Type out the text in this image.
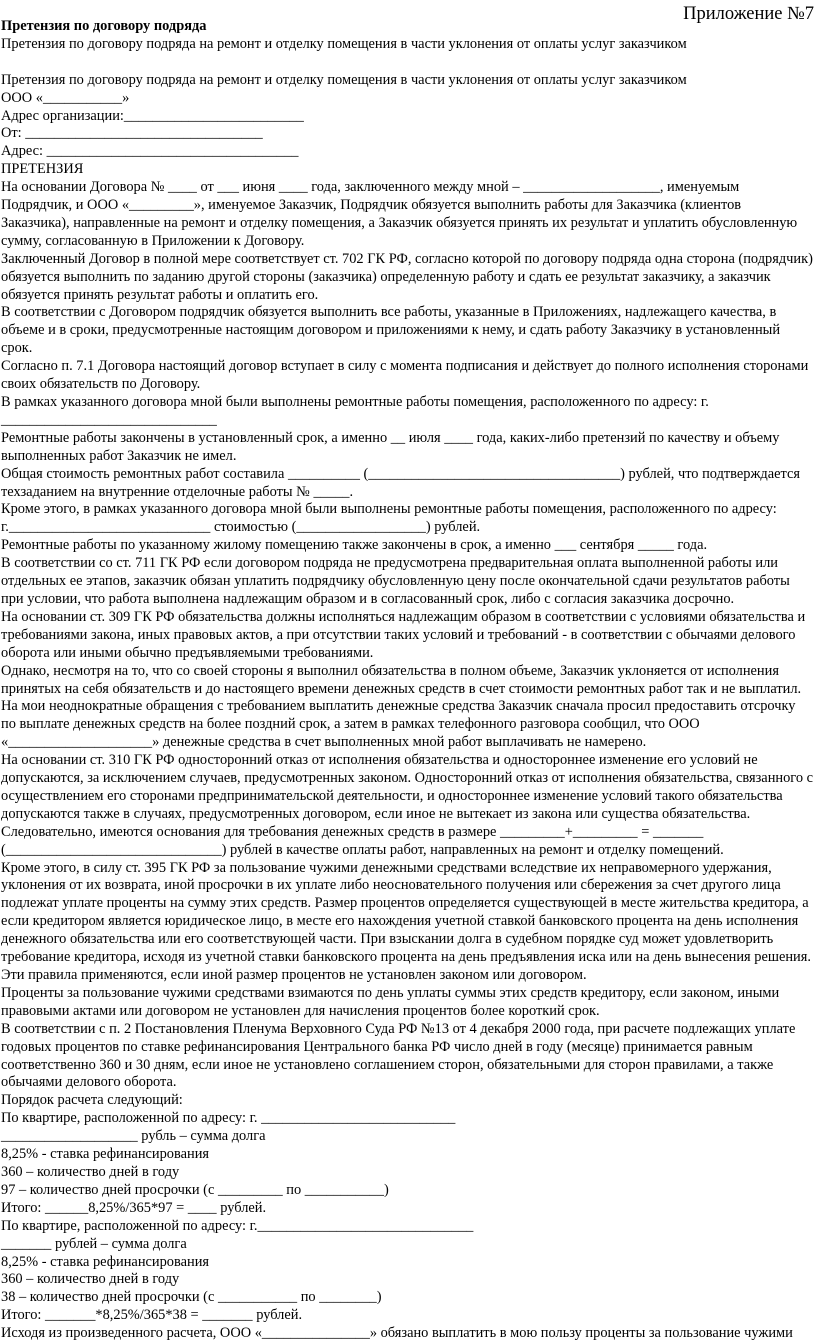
Приложение №7

Претензия по договору подряда

Претензия по договору подряда на ремонт и отделку помещения в части уклонения от оплаты услуг заказчиком

Претензия по договору подряда на ремонт и отделку помещения в части уклонения от оплаты услуг заказчиком

ООО «___________»

Адрес организации:_________________________

От: _________________________________

Адрес: ___________________________________

ПРЕТЕНЗИЯ

На основании Договора № ____ от ___ июня ____ года, заключенного между мной – ___________________, именуемым Подрядчик, и ООО «_________», именуемое Заказчик, Подрядчик обязуется выполнить работы для Заказчика (клиентов Заказчика), направленные на ремонт и отделку помещения, а Заказчик обязуется принять их результат и уплатить обусловленную сумму, согласованную в Приложении к Договору.

Заключенный Договор в полной мере соответствует ст. 702 ГК РФ, согласно которой по договору подряда одна сторона (подрядчик) обязуется выполнить по заданию другой стороны (заказчика) определенную работу и сдать ее результат заказчику, а заказчик обязуется принять результат работы и оплатить его.

В соответствии с Договором подрядчик обязуется выполнить все работы, указанные в Приложениях, надлежащего качества, в объеме и в сроки, предусмотренные настоящим договором и приложениями к нему, и сдать работу Заказчику в установленный срок.

Согласно п. 7.1 Договора настоящий договор вступает в силу с момента подписания и действует до полного исполнения сторонами своих обязательств по Договору.

В рамках указанного договора мной были выполнены ремонтные работы помещения, расположенного по адресу: г. ______________________________

Ремонтные работы закончены в установленный срок, а именно __ июля ____ года, каких-либо претензий по качеству и объему выполненных работ Заказчик не имел.

Общая стоимость ремонтных работ составила __________ (___________________________________) рублей, что подтверждается техзаданием на внутренние отделочные работы № _____.

Кроме этого, в рамках указанного договора мной были выполнены ремонтные работы помещения, расположенного по адресу: г.____________________________ стоимостью (__________________) рублей.

Ремонтные работы по указанному жилому помещению также закончены в срок, а именно ___ сентября _____ года.

В соответствии со ст. 711 ГК РФ если договором подряда не предусмотрена предварительная оплата выполненной работы или отдельных ее этапов, заказчик обязан уплатить подрядчику обусловленную цену после окончательной сдачи результатов работы при условии, что работа выполнена надлежащим образом и в согласованный срок, либо с согласия заказчика досрочно.

На основании ст. 309 ГК РФ обязательства должны исполняться надлежащим образом в соответствии с условиями обязательства и требованиями закона, иных правовых актов, а при отсутствии таких условий и требований - в соответствии с обычаями делового оборота или иными обычно предъявляемыми требованиями.

Однако, несмотря на то, что со своей стороны я выполнил обязательства в полном объеме, Заказчик уклоняется от исполнения принятых на себя обязательств и до настоящего времени денежных средств в счет стоимости ремонтных работ так и не выплатил.

На мои неоднократные обращения с требованием выплатить денежные средства Заказчик сначала просил предоставить отсрочку по выплате денежных средств на более поздний срок, а затем в рамках телефонного разговора сообщил, что ООО «____________________» денежные средства в счет выполненных мной работ выплачивать не намерено.

На основании ст. 310 ГК РФ односторонний отказ от исполнения обязательства и одностороннее изменение его условий не допускаются, за исключением случаев, предусмотренных законом. Односторонний отказ от исполнения обязательства, связанного с осуществлением его сторонами предпринимательской деятельности, и одностороннее изменение условий такого обязательства допускаются также в случаях, предусмотренных договором, если иное не вытекает из закона или существа обязательства.

Следовательно, имеются основания для требования денежных средств в размере _________+_________ = _______ (______________________________) рублей в качестве оплаты работ, направленных на ремонт и отделку помещений.

Кроме этого, в силу ст. 395 ГК РФ за пользование чужими денежными средствами вследствие их неправомерного удержания, уклонения от их возврата, иной просрочки в их уплате либо неосновательного получения или сбережения за счет другого лица подлежат уплате проценты на сумму этих средств. Размер процентов определяется существующей в месте жительства кредитора, а если кредитором является юридическое лицо, в месте его нахождения учетной ставкой банковского процента на день исполнения денежного обязательства или его соответствующей части. При взыскании долга в судебном порядке суд может удовлетворить требование кредитора, исходя из учетной ставки банковского процента на день предъявления иска или на день вынесения решения. Эти правила применяются, если иной размер процентов не установлен законом или договором.

Проценты за пользование чужими средствами взимаются по день уплаты суммы этих средств кредитору, если законом, иными правовыми актами или договором не установлен для начисления процентов более короткий срок.

В соответствии с п. 2 Постановления Пленума Верховного Суда РФ №13 от 4 декабря 2000 года, при расчете подлежащих уплате годовых процентов по ставке рефинансирования Центрального банка РФ число дней в году (месяце) принимается равным соответственно 360 и 30 дням, если иное не установлено соглашением сторон, обязательными для сторон правилами, а также обычаями делового оборота.

Порядок расчета следующий:

По квартире, расположенной по адресу: г. ___________________________

___________________ рубль – сумма долга

8,25% - ставка рефинансирования

360 – количество дней в году

97 – количество дней просрочки (с _________ по ___________)

Итого: ______8,25%/365*97 = ____ рублей.

По квартире, расположенной по адресу: г.______________________________

_______ рублей – сумма долга

8,25% - ставка рефинансирования

360 – количество дней в году

38 – количество дней просрочки (с ___________ по ________)

Итого: _______*8,25%/365*38 = _______ рублей.

Исходя из произведенного расчета, ООО «_______________» обязано выплатить в мою пользу проценты за пользование чужими
